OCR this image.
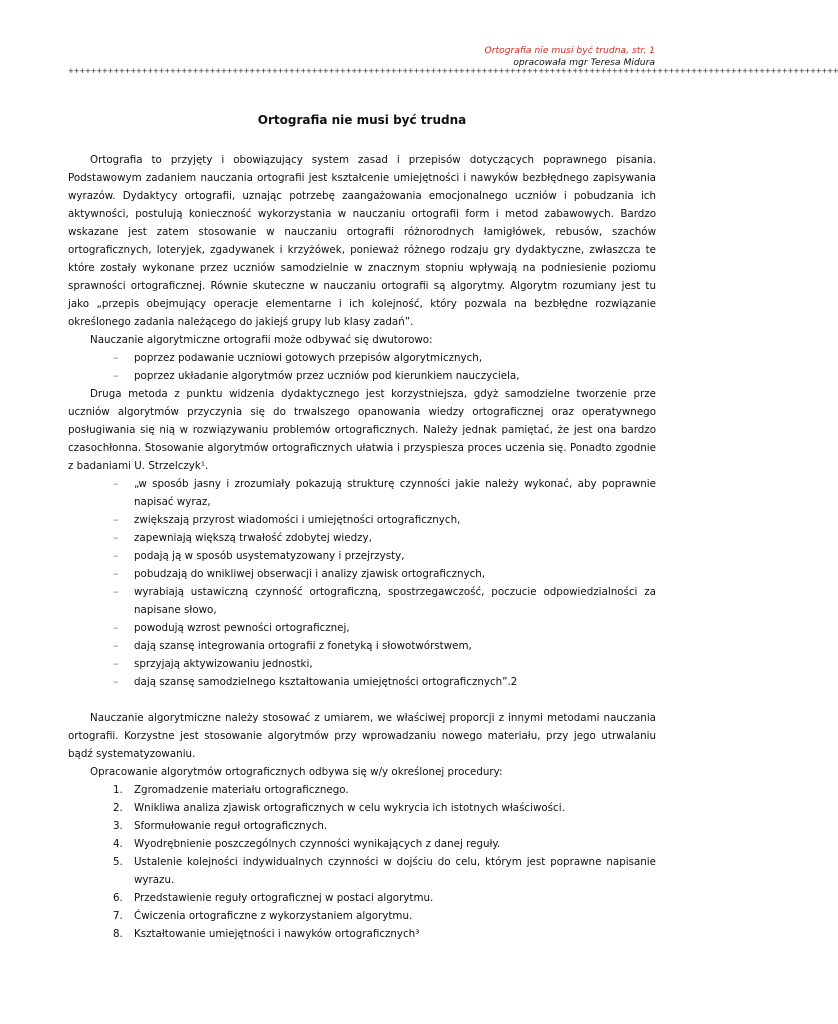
Ortografia nie musi być trudna, str. 1
opracowała mgr Teresa Midura
++++++++++++++++++++++++++++++++++++++++++++++++++++++++++++++++++++++++++++++++++++++++++++++++++++++++++++++++++++++++++++++++++++++++
Ortografia nie musi być trudna

Ortografia to przyjęty i obowiązujący system zasad i przepisów dotyczących poprawnego pisania. Podstawowym zadaniem nauczania ortografii jest kształcenie umiejętności i nawyków bezbłędnego zapisywania wyrazów. Dydaktycy ortografii, uznając potrzebę zaangażowania emocjonalnego uczniów i pobudzania ich aktywności, postulują konieczność wykorzystania w nauczaniu ortografii form i metod zabawowych. Bardzo wskazane jest zatem stosowanie w nauczaniu ortografii różnorodnych łamigłówek, rebusów, szachów ortograficznych, loteryjek, zgadywanek i krzyżówek, ponieważ różnego rodzaju gry dydaktyczne, zwłaszcza te które zostały wykonane przez uczniów samodzielnie w znacznym stopniu wpływają na podniesienie poziomu sprawności ortograficznej. Równie skuteczne w nauczaniu ortografii są algorytmy. Algorytm rozumiany jest tu jako „przepis obejmujący operacje elementarne i ich kolejność, który pozwala na bezbłędne rozwiązanie określonego zadania należącego do jakiejś grupy lub klasy zadań”.

Nauczanie algorytmiczne ortografii może odbywać się dwutorowo:

– poprzez podawanie uczniowi gotowych przepisów algorytmicznych,
– poprzez układanie algorytmów przez uczniów pod kierunkiem nauczyciela,

Druga metoda z punktu widzenia dydaktycznego jest korzystniejsza, gdyż samodzielne tworzenie prze uczniów algorytmów przyczynia się do trwalszego opanowania wiedzy ortograficznej oraz operatywnego posługiwania się nią w rozwiązywaniu problemów ortograficznych. Należy jednak pamiętać, że jest ona bardzo czasochłonna. Stosowanie algorytmów ortograficznych ułatwia i przyspiesza proces uczenia się. Ponadto zgodnie z badaniami U. Strzelczyk¹.

– „w sposób jasny i zrozumiały pokazują strukturę czynności jakie należy wykonać, aby poprawnie napisać wyraz,
– zwiększają przyrost wiadomości i umiejętności ortograficznych,
– zapewniają większą trwałość zdobytej wiedzy,
– podają ją w sposób usystematyzowany i przejrzysty,
– pobudzają do wnikliwej obserwacji i analizy zjawisk ortograficznych,
– wyrabiają ustawiczną czynność ortograficzną, spostrzegawczość, poczucie odpowiedzialności za napisane słowo,
– powodują wzrost pewności ortograficznej,
– dają szansę integrowania ortografii z fonetyką i słowotwórstwem,
– sprzyjają aktywizowaniu jednostki,
– dają szansę samodzielnego kształtowania umiejętności ortograficznych”.2

Nauczanie algorytmiczne należy stosować z umiarem, we właściwej proporcji z innymi metodami nauczania ortografii. Korzystne jest stosowanie algorytmów przy wprowadzaniu nowego materiału, przy jego utrwalaniu bądź systematyzowaniu.

Opracowanie algorytmów ortograficznych odbywa się w/y określonej procedury:

1. Zgromadzenie materiału ortograficznego.
2. Wnikliwa analiza zjawisk ortograficznych w celu wykrycia ich istotnych właściwości.
3. Sformułowanie reguł ortograficznych.
4. Wyodrębnienie poszczególnych czynności wynikających z danej reguły.
5. Ustalenie kolejności indywidualnych czynności w dojściu do celu, którym jest poprawne napisanie wyrazu.
6. Przedstawienie reguły ortograficznej w postaci algorytmu.
7. Ćwiczenia ortograficzne z wykorzystaniem algorytmu.
8. Kształtowanie umiejętności i nawyków ortograficznych³
